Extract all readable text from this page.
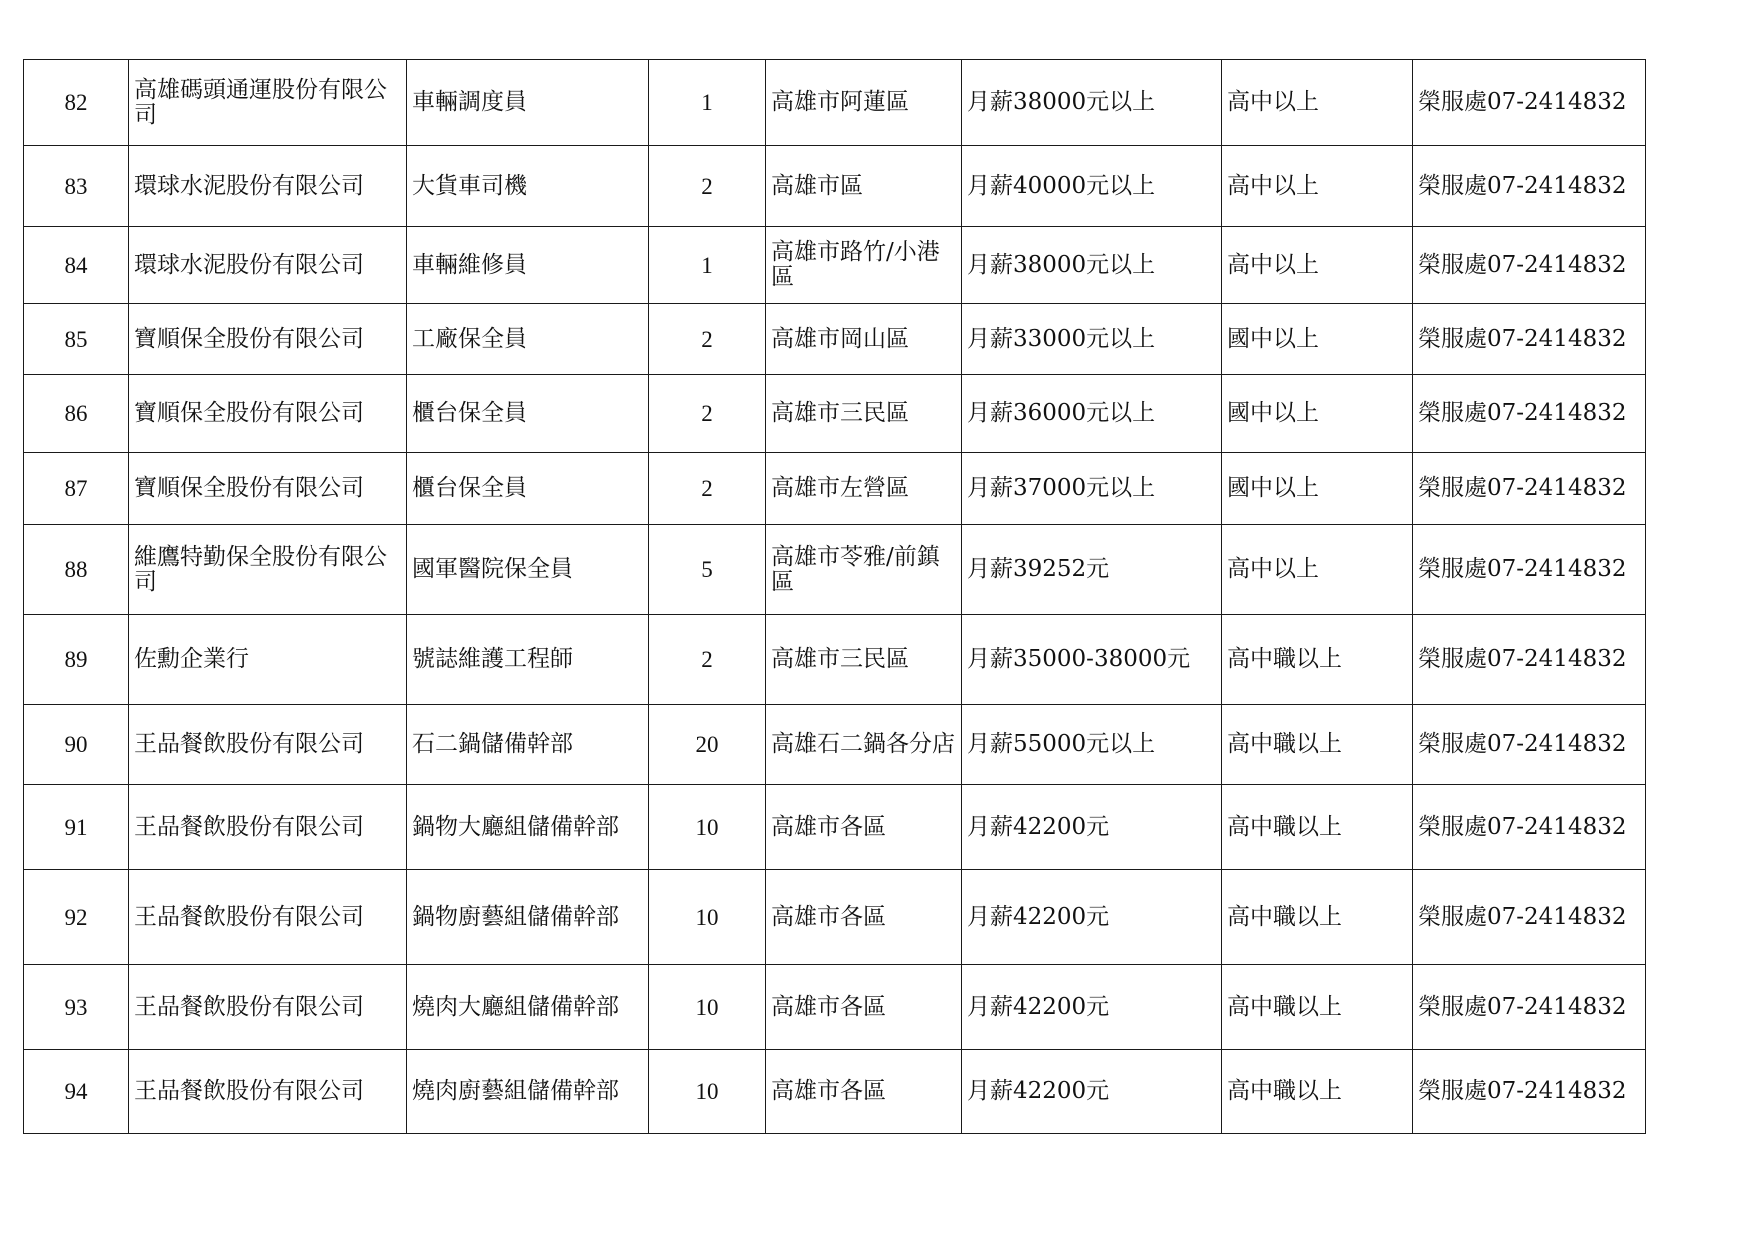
82	高雄碼頭通運股份有限公司	車輛調度員	1	高雄市阿蓮區	月薪38000元以上	高中以上	榮服處07-2414832
83	環球水泥股份有限公司	大貨車司機	2	高雄市區	月薪40000元以上	高中以上	榮服處07-2414832
84	環球水泥股份有限公司	車輛維修員	1	高雄市路竹/小港區	月薪38000元以上	高中以上	榮服處07-2414832
85	寶順保全股份有限公司	工廠保全員	2	高雄市岡山區	月薪33000元以上	國中以上	榮服處07-2414832
86	寶順保全股份有限公司	櫃台保全員	2	高雄市三民區	月薪36000元以上	國中以上	榮服處07-2414832
87	寶順保全股份有限公司	櫃台保全員	2	高雄市左營區	月薪37000元以上	國中以上	榮服處07-2414832
88	維鷹特勤保全股份有限公司	國軍醫院保全員	5	高雄市苓雅/前鎮區	月薪39252元	高中以上	榮服處07-2414832
89	佐勳企業行	號誌維護工程師	2	高雄市三民區	月薪35000-38000元	高中職以上	榮服處07-2414832
90	王品餐飲股份有限公司	石二鍋儲備幹部	20	高雄石二鍋各分店	月薪55000元以上	高中職以上	榮服處07-2414832
91	王品餐飲股份有限公司	鍋物大廳組儲備幹部	10	高雄市各區	月薪42200元	高中職以上	榮服處07-2414832
92	王品餐飲股份有限公司	鍋物廚藝組儲備幹部	10	高雄市各區	月薪42200元	高中職以上	榮服處07-2414832
93	王品餐飲股份有限公司	燒肉大廳組儲備幹部	10	高雄市各區	月薪42200元	高中職以上	榮服處07-2414832
94	王品餐飲股份有限公司	燒肉廚藝組儲備幹部	10	高雄市各區	月薪42200元	高中職以上	榮服處07-2414832
